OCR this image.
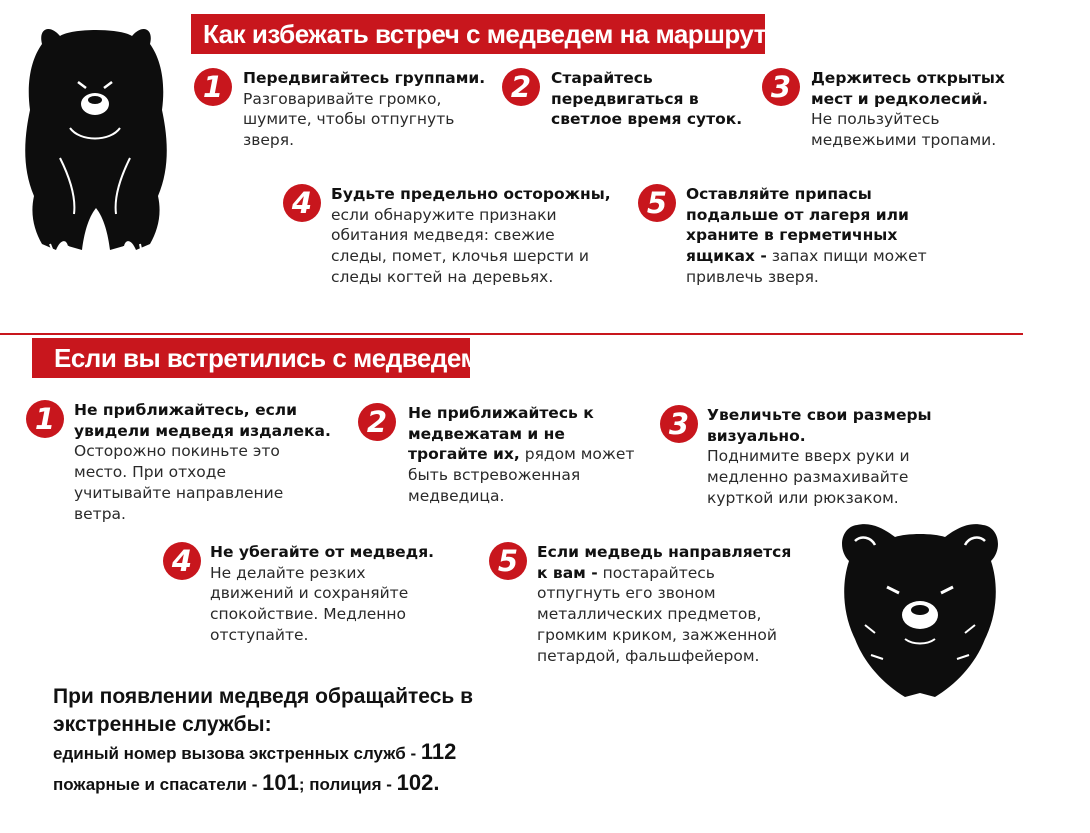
Как избежать встреч с медведем на маршрутах:
1	Передвигайтесь группами.
Разговаривайте громко,
шумите, чтобы отпугнуть
зверя.
2	Старайтесь
передвигаться в
светлое время суток.
3	Держитесь открытых
мест и редколесий.
Не пользуйтесь
медвежьими тропами.
4	Будьте предельно осторожны,
если обнаружите признаки
обитания медведя: свежие
следы, помет, клочья шерсти и
следы когтей на деревьях.
5	Оставляйте припасы
подальше от лагеря или
храните в герметичных
ящиках - запах пищи может
привлечь зверя.
Если вы встретились с медведем:
1	Не приближайтесь, если
увидели медведя издалека.
Осторожно покиньте это
место. При отходе
учитывайте направление
ветра.
2	Не приближайтесь к
медвежатам и не
трогайте их, рядом может
быть встревоженная
медведица.
3	Увеличьте свои размеры
визуально.
Поднимите вверх руки и
медленно размахивайте
курткой или рюкзаком.
4	Не убегайте от медведя.
Не делайте резких
движений и сохраняйте
спокойствие. Медленно
отступайте.
5	Если медведь направляется
к вам - постарайтесь
отпугнуть его звоном
металлических предметов,
громким криком, зажженной
петардой, фальшфейером.
При появлении медведя обращайтесь в
экстренные службы:
единый номер вызова экстренных служб - 112
пожарные и спасатели - 101; полиция - 102.
